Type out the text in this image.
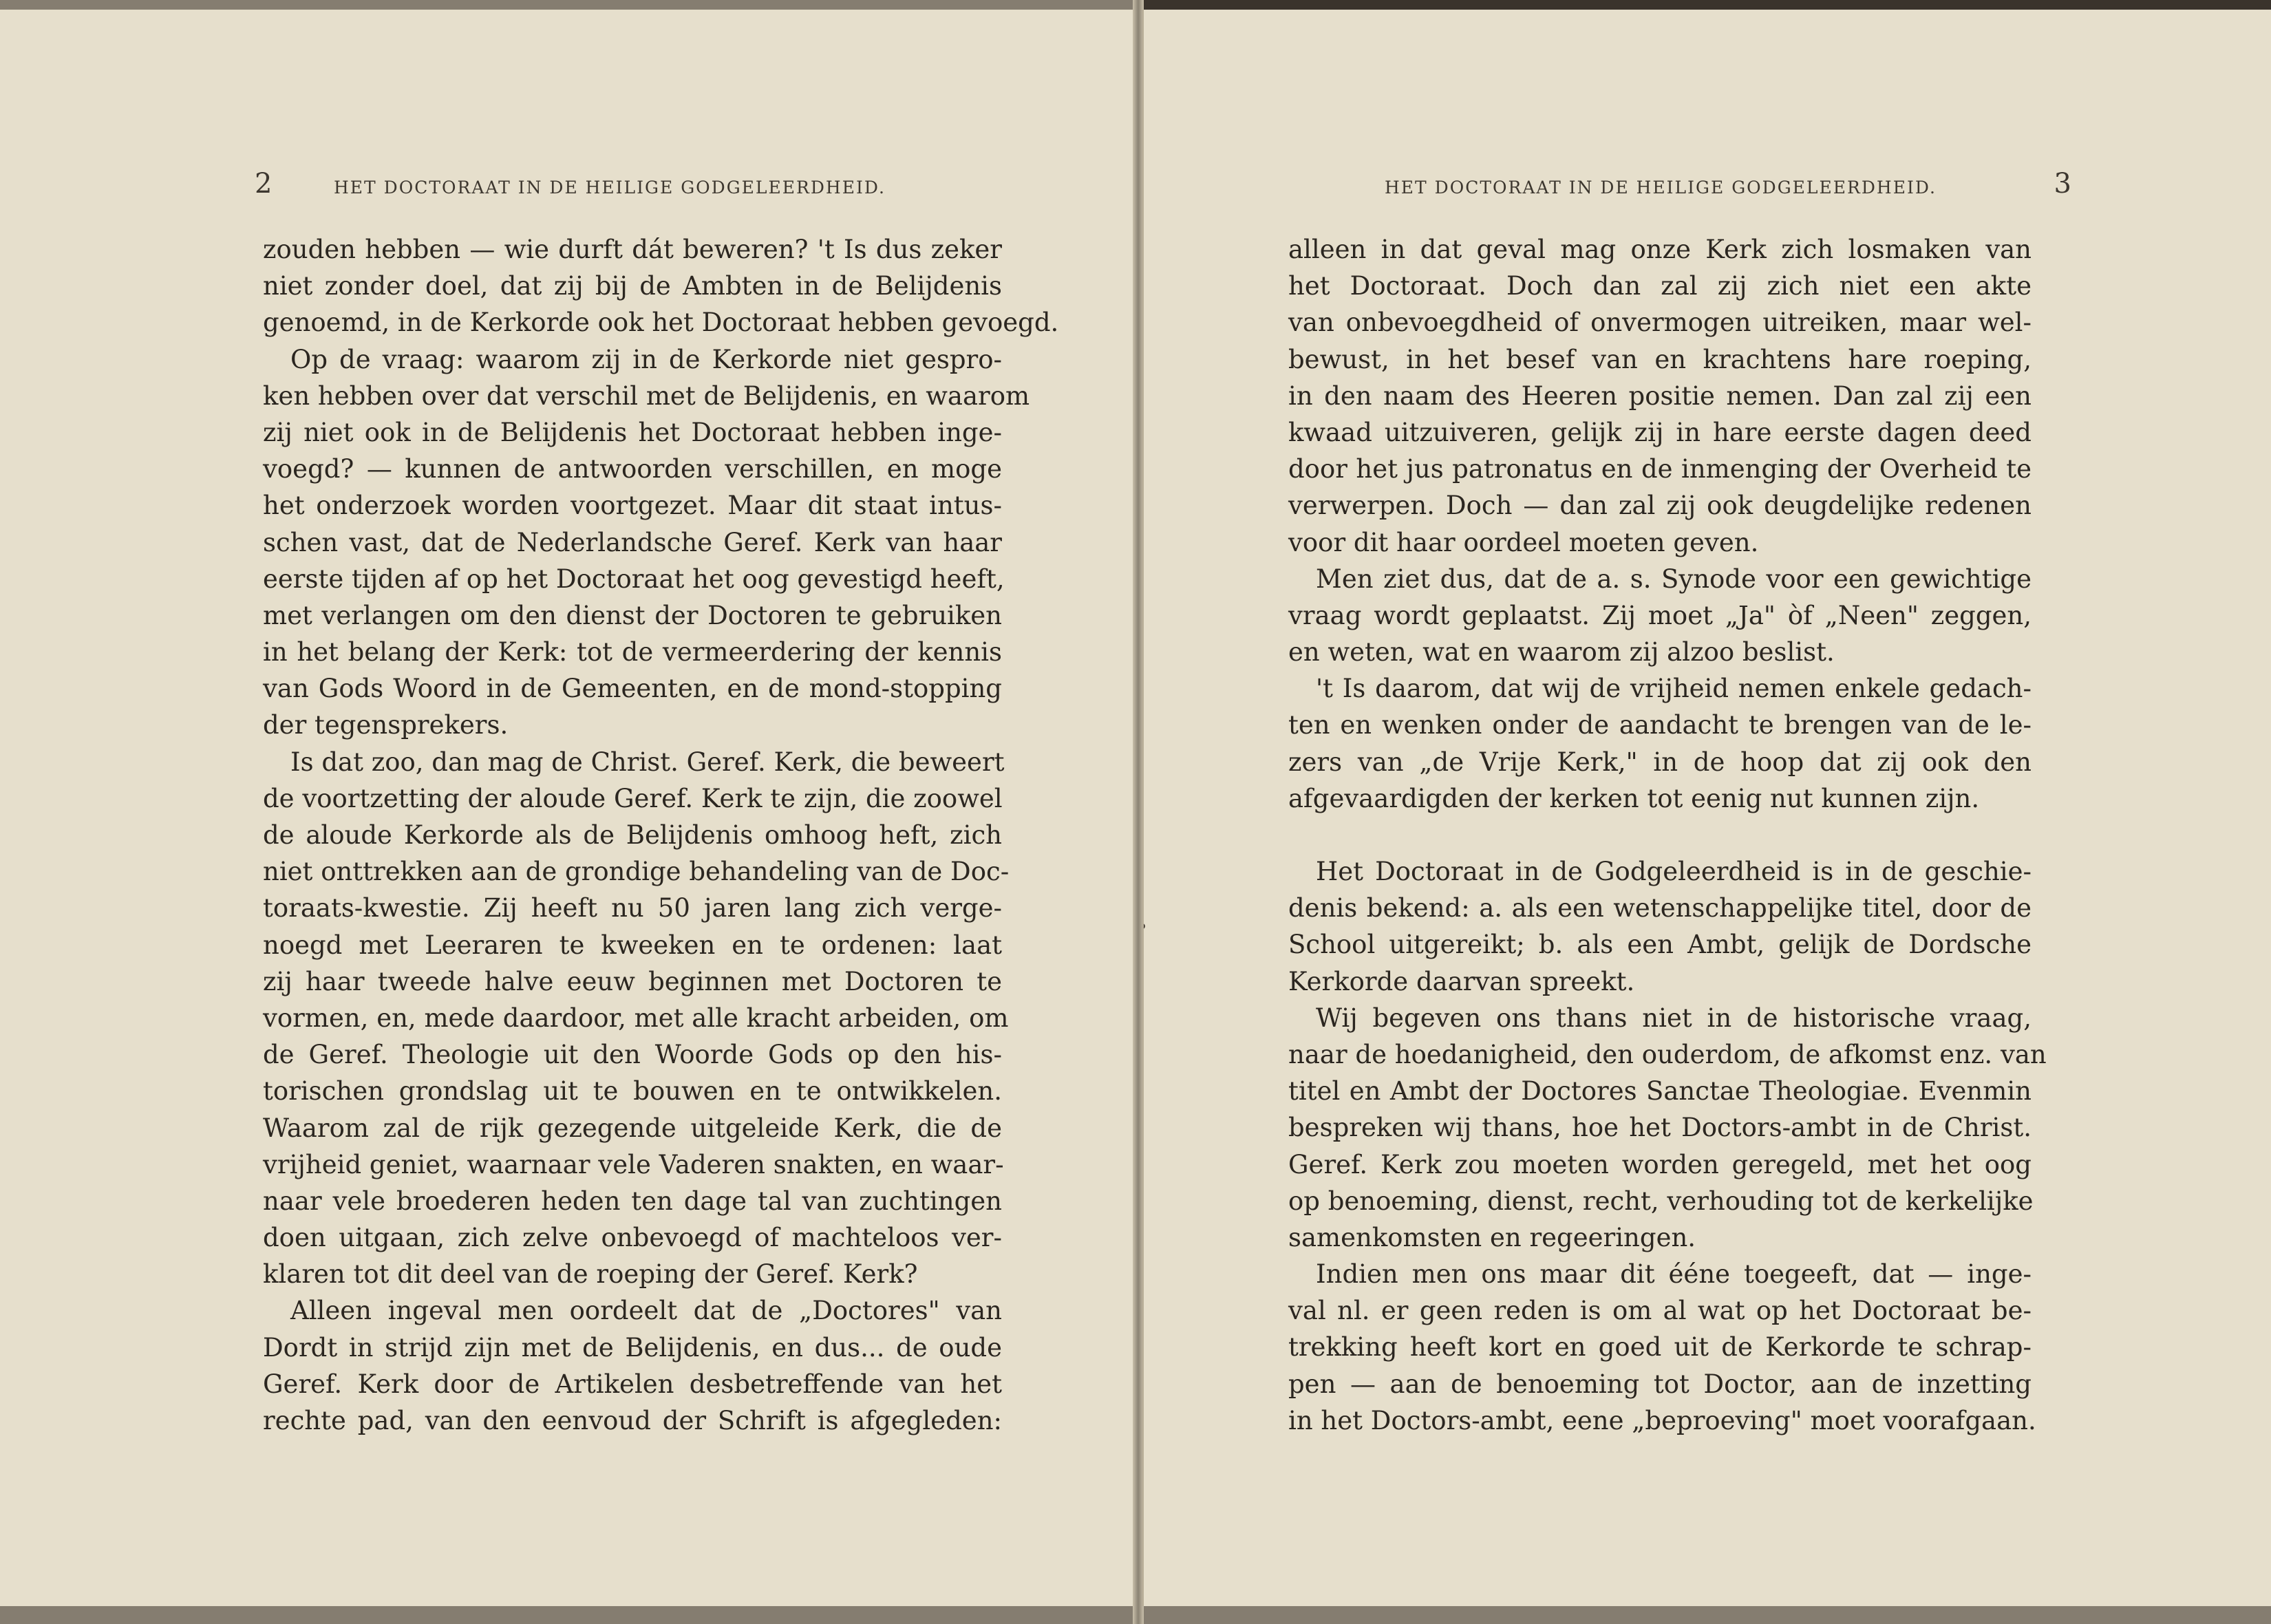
2	HET DOCTORAAT IN DE HEILIGE GODGELEERDHEID.
zouden hebben — wie durft dát beweren? 't Is dus zeker
niet zonder doel, dat zij bij de Ambten in de Belijdenis
genoemd, in de Kerkorde ook het Doctoraat hebben gevoegd.
Op de vraag: waarom zij in de Kerkorde niet gespro-
ken hebben over dat verschil met de Belijdenis, en waarom
zij niet ook in de Belijdenis het Doctoraat hebben inge-
voegd? — kunnen de antwoorden verschillen, en moge
het onderzoek worden voortgezet. Maar dit staat intus-
schen vast, dat de Nederlandsche Geref. Kerk van haar
eerste tijden af op het Doctoraat het oog gevestigd heeft,
met verlangen om den dienst der Doctoren te gebruiken
in het belang der Kerk: tot de vermeerdering der kennis
van Gods Woord in de Gemeenten, en de mond-stopping
der tegensprekers.
Is dat zoo, dan mag de Christ. Geref. Kerk, die beweert
de voortzetting der aloude Geref. Kerk te zijn, die zoowel
de aloude Kerkorde als de Belijdenis omhoog heft, zich
niet onttrekken aan de grondige behandeling van de Doc-
toraats-kwestie. Zij heeft nu 50 jaren lang zich verge-
noegd met Leeraren te kweeken en te ordenen: laat
zij haar tweede halve eeuw beginnen met Doctoren te
vormen, en, mede daardoor, met alle kracht arbeiden, om
de Geref. Theologie uit den Woorde Gods op den his-
torischen grondslag uit te bouwen en te ontwikkelen.
Waarom zal de rijk gezegende uitgeleide Kerk, die de
vrijheid geniet, waarnaar vele Vaderen snakten, en waar-
naar vele broederen heden ten dage tal van zuchtingen
doen uitgaan, zich zelve onbevoegd of machteloos ver-
klaren tot dit deel van de roeping der Geref. Kerk?
Alleen ingeval men oordeelt dat de „Doctores" van
Dordt in strijd zijn met de Belijdenis, en dus... de oude
Geref. Kerk door de Artikelen desbetreffende van het
rechte pad, van den eenvoud der Schrift is afgegleden:
HET DOCTORAAT IN DE HEILIGE GODGELEERDHEID.	3
alleen in dat geval mag onze Kerk zich losmaken van
het Doctoraat. Doch dan zal zij zich niet een akte
van onbevoegdheid of onvermogen uitreiken, maar wel-
bewust, in het besef van en krachtens hare roeping,
in den naam des Heeren positie nemen. Dan zal zij een
kwaad uitzuiveren, gelijk zij in hare eerste dagen deed
door het jus patronatus en de inmenging der Overheid te
verwerpen. Doch — dan zal zij ook deugdelijke redenen
voor dit haar oordeel moeten geven.
Men ziet dus, dat de a. s. Synode voor een gewichtige
vraag wordt geplaatst. Zij moet „Ja" òf „Neen" zeggen,
en weten, wat en waarom zij alzoo beslist.
't Is daarom, dat wij de vrijheid nemen enkele gedach-
ten en wenken onder de aandacht te brengen van de le-
zers van „de Vrije Kerk," in de hoop dat zij ook den
afgevaardigden der kerken tot eenig nut kunnen zijn.
Het Doctoraat in de Godgeleerdheid is in de geschie-
denis bekend: a. als een wetenschappelijke titel, door de
School uitgereikt; b. als een Ambt, gelijk de Dordsche
Kerkorde daarvan spreekt.
Wij begeven ons thans niet in de historische vraag,
naar de hoedanigheid, den ouderdom, de afkomst enz. van
titel en Ambt der Doctores Sanctae Theologiae. Evenmin
bespreken wij thans, hoe het Doctors-ambt in de Christ.
Geref. Kerk zou moeten worden geregeld, met het oog
op benoeming, dienst, recht, verhouding tot de kerkelijke
samenkomsten en regeeringen.
Indien men ons maar dit ééne toegeeft, dat — inge-
val nl. er geen reden is om al wat op het Doctoraat be-
trekking heeft kort en goed uit de Kerkorde te schrap-
pen — aan de benoeming tot Doctor, aan de inzetting
in het Doctors-ambt, eene „beproeving" moet voorafgaan.
